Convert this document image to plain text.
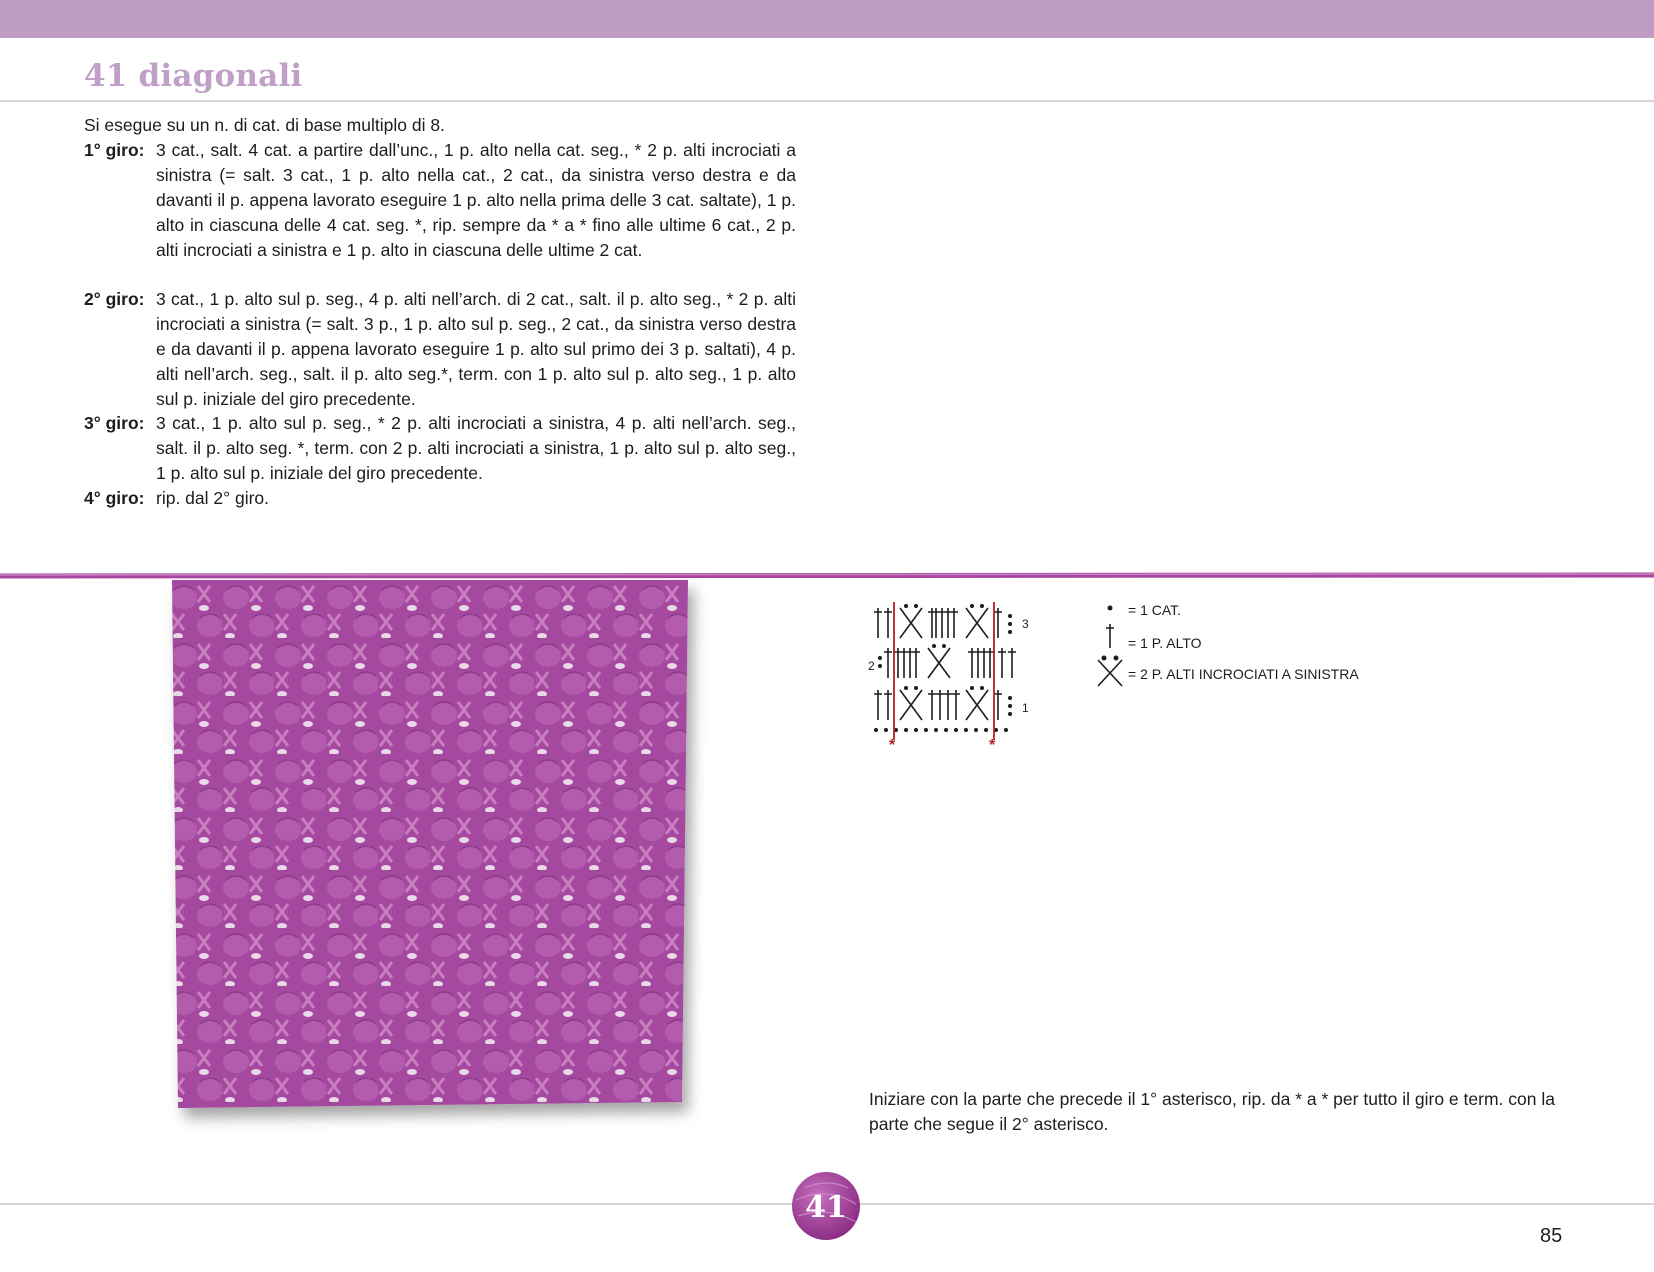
41 diagonali
Si esegue su un n. di cat. di base multiplo di 8.
1° giro: 3 cat., salt. 4 cat. a partire dall’unc., 1 p. alto nella cat. seg., * 2 p. alti incrociati a sinistra (= salt. 3 cat., 1 p. alto nella cat., 2 cat., da sinistra verso destra e da davanti il p. appena lavorato eseguire 1 p. alto nella prima delle 3 cat. saltate), 1 p. alto in ciascuna delle 4 cat. seg. *, rip. sempre da * a * fino alle ultime 6 cat., 2 p. alti incrociati a sinistra e 1 p. alto in ciascuna delle ultime 2 cat.
2° giro: 3 cat., 1 p. alto sul p. seg., 4 p. alti nell’arch. di 2 cat., salt. il p. alto seg., * 2 p. alti incrociati a sinistra (= salt. 3 p., 1 p. alto sul p. seg., 2 cat., da sinistra verso destra e da davanti il p. appena lavorato eseguire 1 p. alto sul primo dei 3 p. saltati), 4 p. alti nell’arch. seg., salt. il p. alto seg.*, term. con 1 p. alto sul p. alto seg., 1 p. alto sul p. iniziale del giro precedente.
3° giro: 3 cat., 1 p. alto sul p. seg., * 2 p. alti incrociati a sinistra, 4 p. alti nell’arch. seg., salt. il p. alto seg. *, term. con 2 p. alti incrociati a sinistra, 1 p. alto sul p. alto seg., 1 p. alto sul p. iniziale del giro precedente.
4° giro: rip. dal 2° giro.
3
2
1
*	*
= 1 CAT.
= 1 P. ALTO
= 2 P. ALTI INCROCIATI A SINISTRA
Iniziare con la parte che precede il 1° asterisco, rip. da * a * per tutto il giro e term. con la parte che segue il 2° asterisco.
41
85
